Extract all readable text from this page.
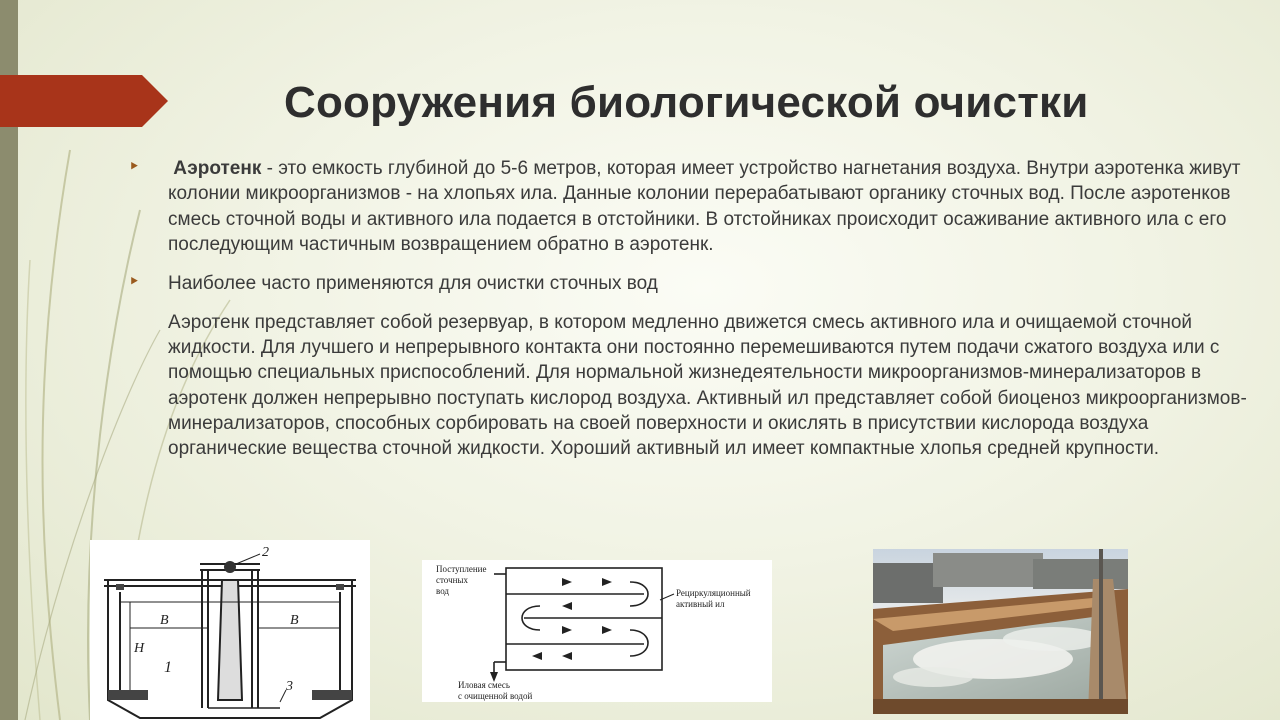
Сооружения биологической очистки
‣ Аэротенк - это емкость глубиной до 5-6 метров, которая имеет устройство нагнетания воздуха. Внутри аэротенка живут колонии микроорганизмов - на хлопьях ила. Данные колонии перерабатывают органику сточных вод. После аэротенков смесь сточной воды и активного ила подается в отстойники. В отстойниках происходит осаживание активного ила с его последующим частичным возвращением обратно в аэротенк.
‣ Наиболее часто применяются для очистки сточных вод
Аэротенк представляет собой резервуар, в котором медленно движется смесь активного ила и очищаемой сточной жидкости. Для лучшего и непрерывного контакта они постоянно перемешиваются путем подачи сжатого воздуха или с помощью специальных приспособлений. Для нормальной жизнедеятельности микроорганизмов-минерализаторов в аэротенк должен непрерывно поступать кислород воздуха. Активный ил представляет собой биоценоз микроорганизмов-минерализаторов, способных сорбировать на своей поверхности и окислять в присутствии кислорода воздуха органические вещества сточной жидкости. Хороший активный ил имеет компактные хлопья средней крупности.
2
3
1
B	B
H
Поступление
сточных
вод	Рециркуляционный
активный ил
Иловая смесь
с очищенной водой
